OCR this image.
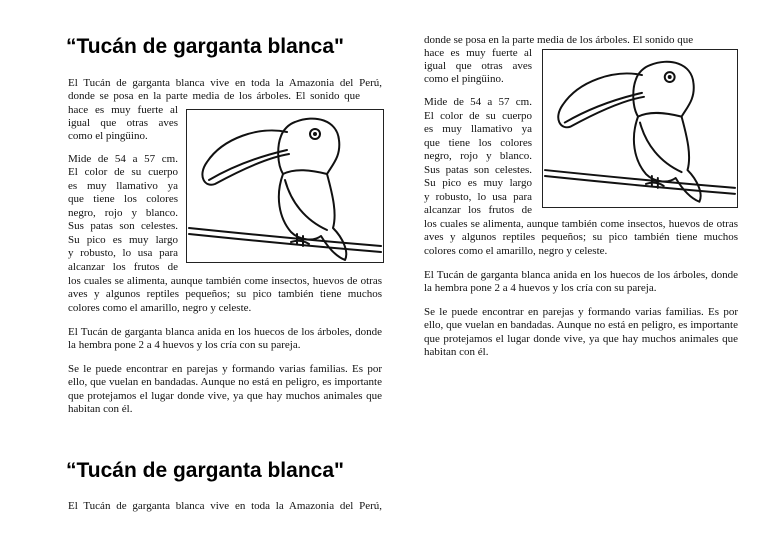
“Tucán de garganta blanca"

El Tucán de garganta blanca vive en toda la Amazonia del Perú,

donde se posa en la parte media de los árboles. El sonido que

hace es muy fuerte al

igual que otras aves

como el pingüino.

Mide de 54 a 57 cm.

El color de su cuerpo

es muy llamativo ya

que tiene los colores

negro, rojo y blanco.

Sus patas son celestes.

Su pico es muy largo

y robusto, lo usa para

alcanzar los frutos de

los cuales se alimenta, aunque también come insectos, huevos de otras aves y algunos reptiles pequeños; su pico también tiene muchos colores como el amarillo, negro y celeste.

El Tucán de garganta blanca anida en los huecos de los árboles, donde la hembra pone 2 a 4 huevos y los cría con su pareja.

Se le puede encontrar en parejas y formando varias familias. Es por ello, que vuelan en bandadas. Aunque no está en peligro, es importante que protejamos el lugar donde vive, ya que hay muchos animales que habitan con él.

“Tucán de garganta blanca"

El Tucán de garganta blanca vive en toda la Amazonia del Perú,

donde se posa en la parte media de los árboles. El sonido que

hace es muy fuerte al

igual que otras aves

como el pingüino.

Mide de 54 a 57 cm.

El color de su cuerpo

es muy llamativo ya

que tiene los colores

negro, rojo y blanco.

Sus patas son celestes.

Su pico es muy largo

y robusto, lo usa para

alcanzar los frutos de

los cuales se alimenta, aunque también come insectos, huevos de otras aves y algunos reptiles pequeños; su pico también tiene muchos colores como el amarillo, negro y celeste.

El Tucán de garganta blanca anida en los huecos de los árboles, donde la hembra pone 2 a 4 huevos y los cría con su pareja.

Se le puede encontrar en parejas y formando varias familias. Es por ello, que vuelan en bandadas. Aunque no está en peligro, es importante que protejamos el lugar donde vive, ya que hay muchos animales que habitan con él.
